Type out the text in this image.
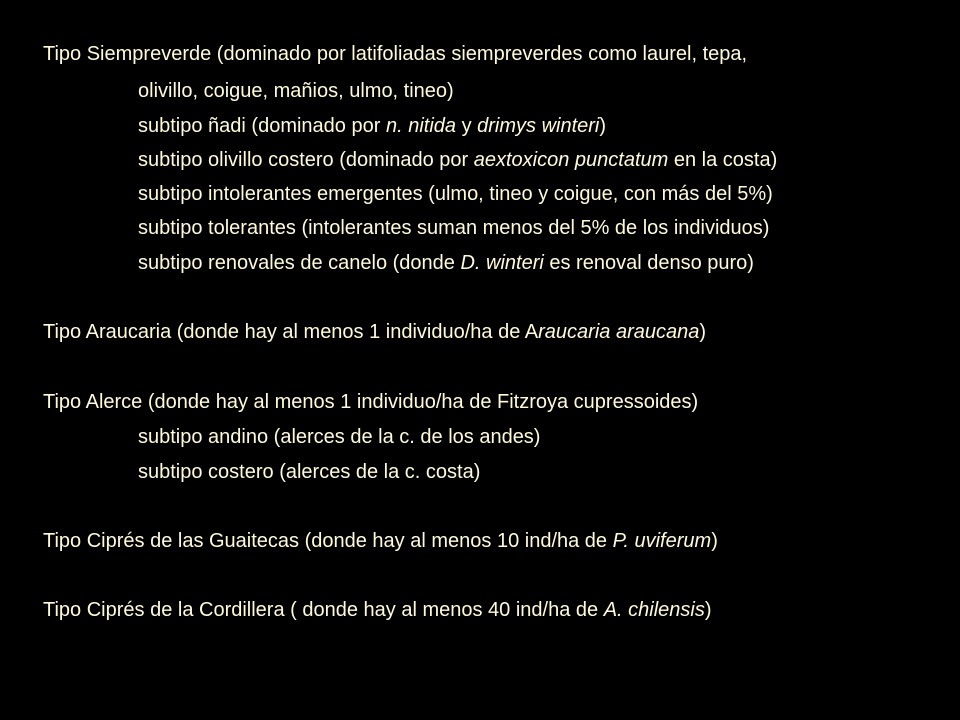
Tipo Siempreverde (dominado por latifoliadas siempreverdes como laurel, tepa,
olivillo, coigue, mañios, ulmo, tineo)
subtipo ñadi (dominado por n. nitida y drimys winteri)
subtipo olivillo costero (dominado por aextoxicon punctatum en la costa)
subtipo intolerantes emergentes (ulmo, tineo y coigue, con más del 5%)
subtipo tolerantes (intolerantes suman menos del 5% de los individuos)
subtipo renovales de canelo (donde D. winteri es renoval denso puro)
Tipo Araucaria (donde hay al menos 1 individuo/ha de Araucaria araucana)
Tipo Alerce (donde hay al menos 1 individuo/ha de Fitzroya cupressoides)
subtipo andino (alerces de la c. de los andes)
subtipo costero (alerces de la c. costa)
Tipo Ciprés de las Guaitecas (donde hay al menos 10 ind/ha de P. uviferum)
Tipo Ciprés de la Cordillera ( donde hay al menos 40 ind/ha de A. chilensis)
